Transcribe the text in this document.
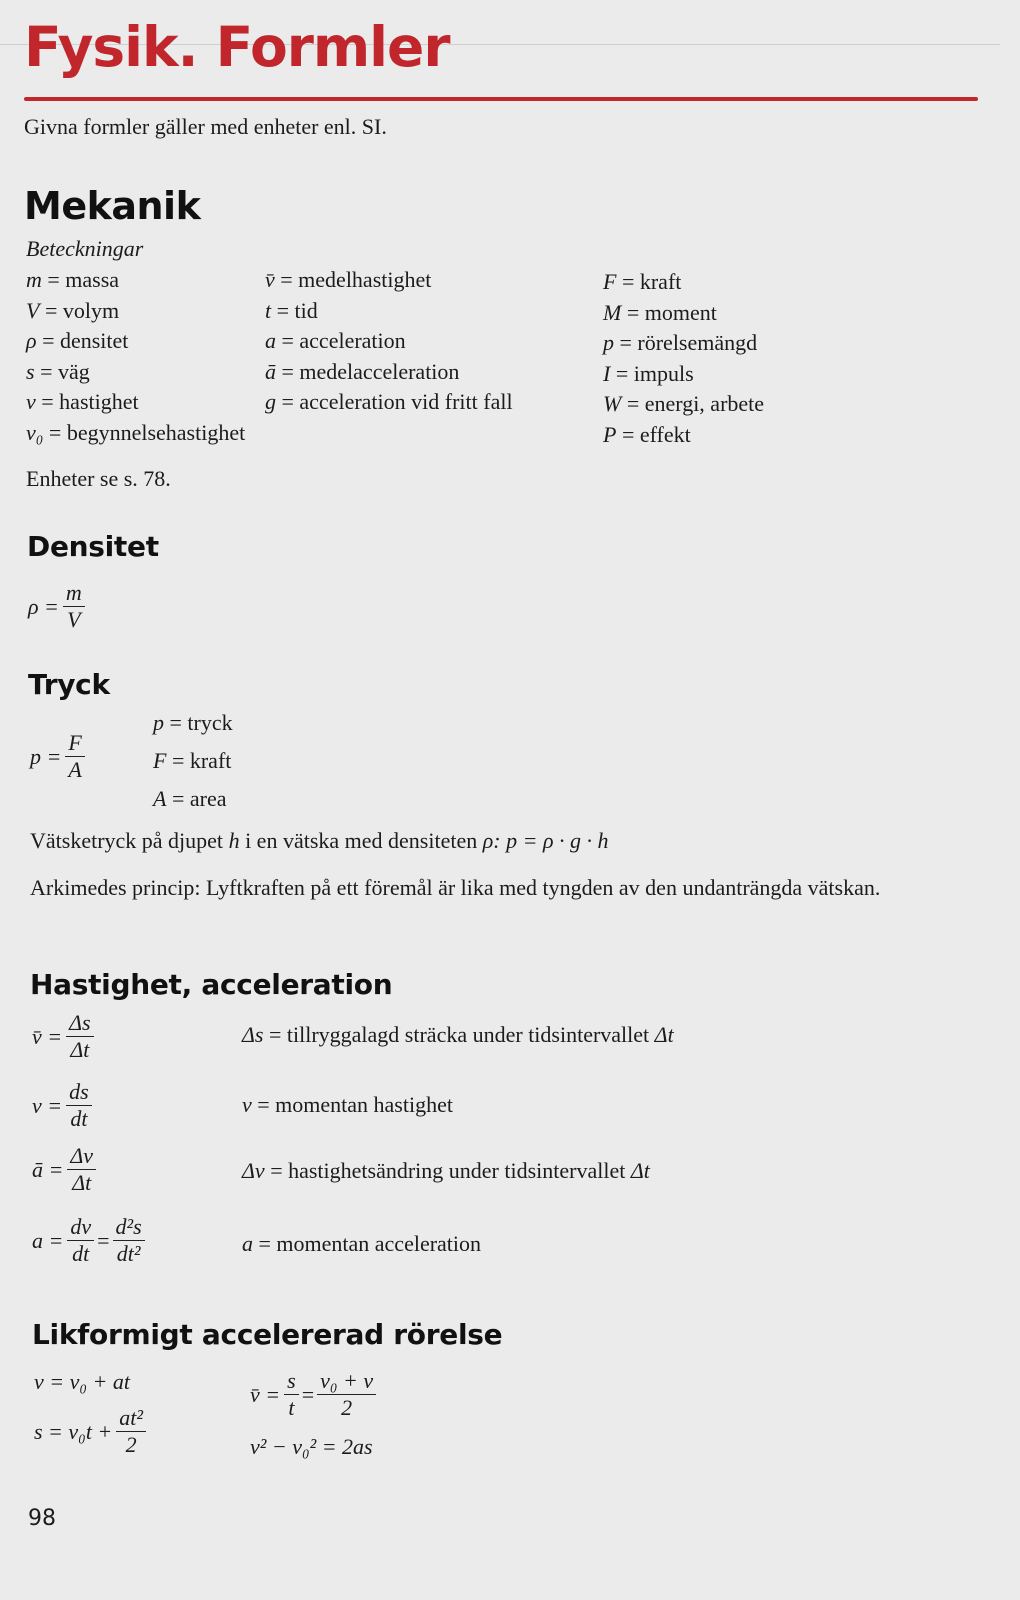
Fysik. Formler
Givna formler gäller med enheter enl. SI.
Mekanik
Beteckningar
m = massa
V = volym
ρ = densitet
s = väg
v = hastighet
v₀ = begynnelsehastighet
v̄ = medelhastighet
t = tid
a = acceleration
ā = medelacceleration
g = acceleration vid fritt fall
F = kraft
M = moment
p = rörelsemängd
I = impuls
W = energi, arbete
P = effekt
Enheter se s. 78.
Densitet
$\rho = \frac{m}{V}$
Tryck
$p = \frac{F}{A}$
p = tryck
F = kraft
A = area
Vätsketryck på djupet h i en vätska med densiteten ρ: p = ρ · g · h
Arkimedes princip: Lyftkraften på ett föremål är lika med tyngden av den undanträngda vätskan.
Hastighet, acceleration
v̄ = $\frac{\Delta s}{\Delta t}$	Δs = tillryggalagd sträcka under tidsintervallet Δt
$v = \frac{ds}{dt}$	v = momentan hastighet
ā = $\frac{\Delta v}{\Delta t}$	Δv = hastighetsändring under tidsintervallet Δt
$a = \frac{dv}{dt} = \frac{\text{d²s}}{\text{dt²}}$	a = momentan acceleration
Likformigt accelererad rörelse
v = v₀ + at
$s = v_0t + \frac{\text{at²}}{2}$
v̄ = $\frac{s}{t} = \frac{\text{v₀ + v}}{2}$
v² − v₀² = 2as
98
